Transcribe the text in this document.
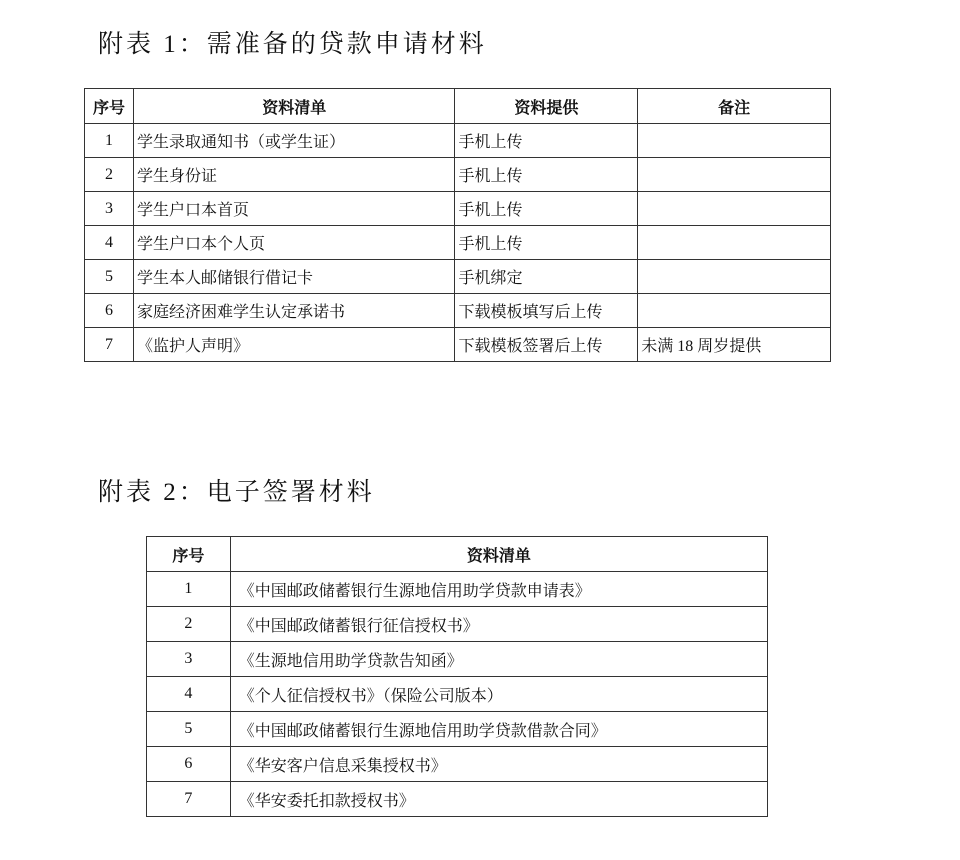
附表 1：需准备的贷款申请材料
序号	资料清单	资料提供	备注
1	学生录取通知书（或学生证）	手机上传	
2	学生身份证	手机上传	
3	学生户口本首页	手机上传	
4	学生户口本个人页	手机上传	
5	学生本人邮储银行借记卡	手机绑定	
6	家庭经济困难学生认定承诺书	下载模板填写后上传	
7	《监护人声明》	下载模板签署后上传	未满 18 周岁提供
附表 2：电子签署材料
序号	资料清单
1	《中国邮政储蓄银行生源地信用助学贷款申请表》
2	《中国邮政储蓄银行征信授权书》
3	《生源地信用助学贷款告知函》
4	《个人征信授权书》（保险公司版本）
5	《中国邮政储蓄银行生源地信用助学贷款借款合同》
6	《华安客户信息采集授权书》
7	《华安委托扣款授权书》
